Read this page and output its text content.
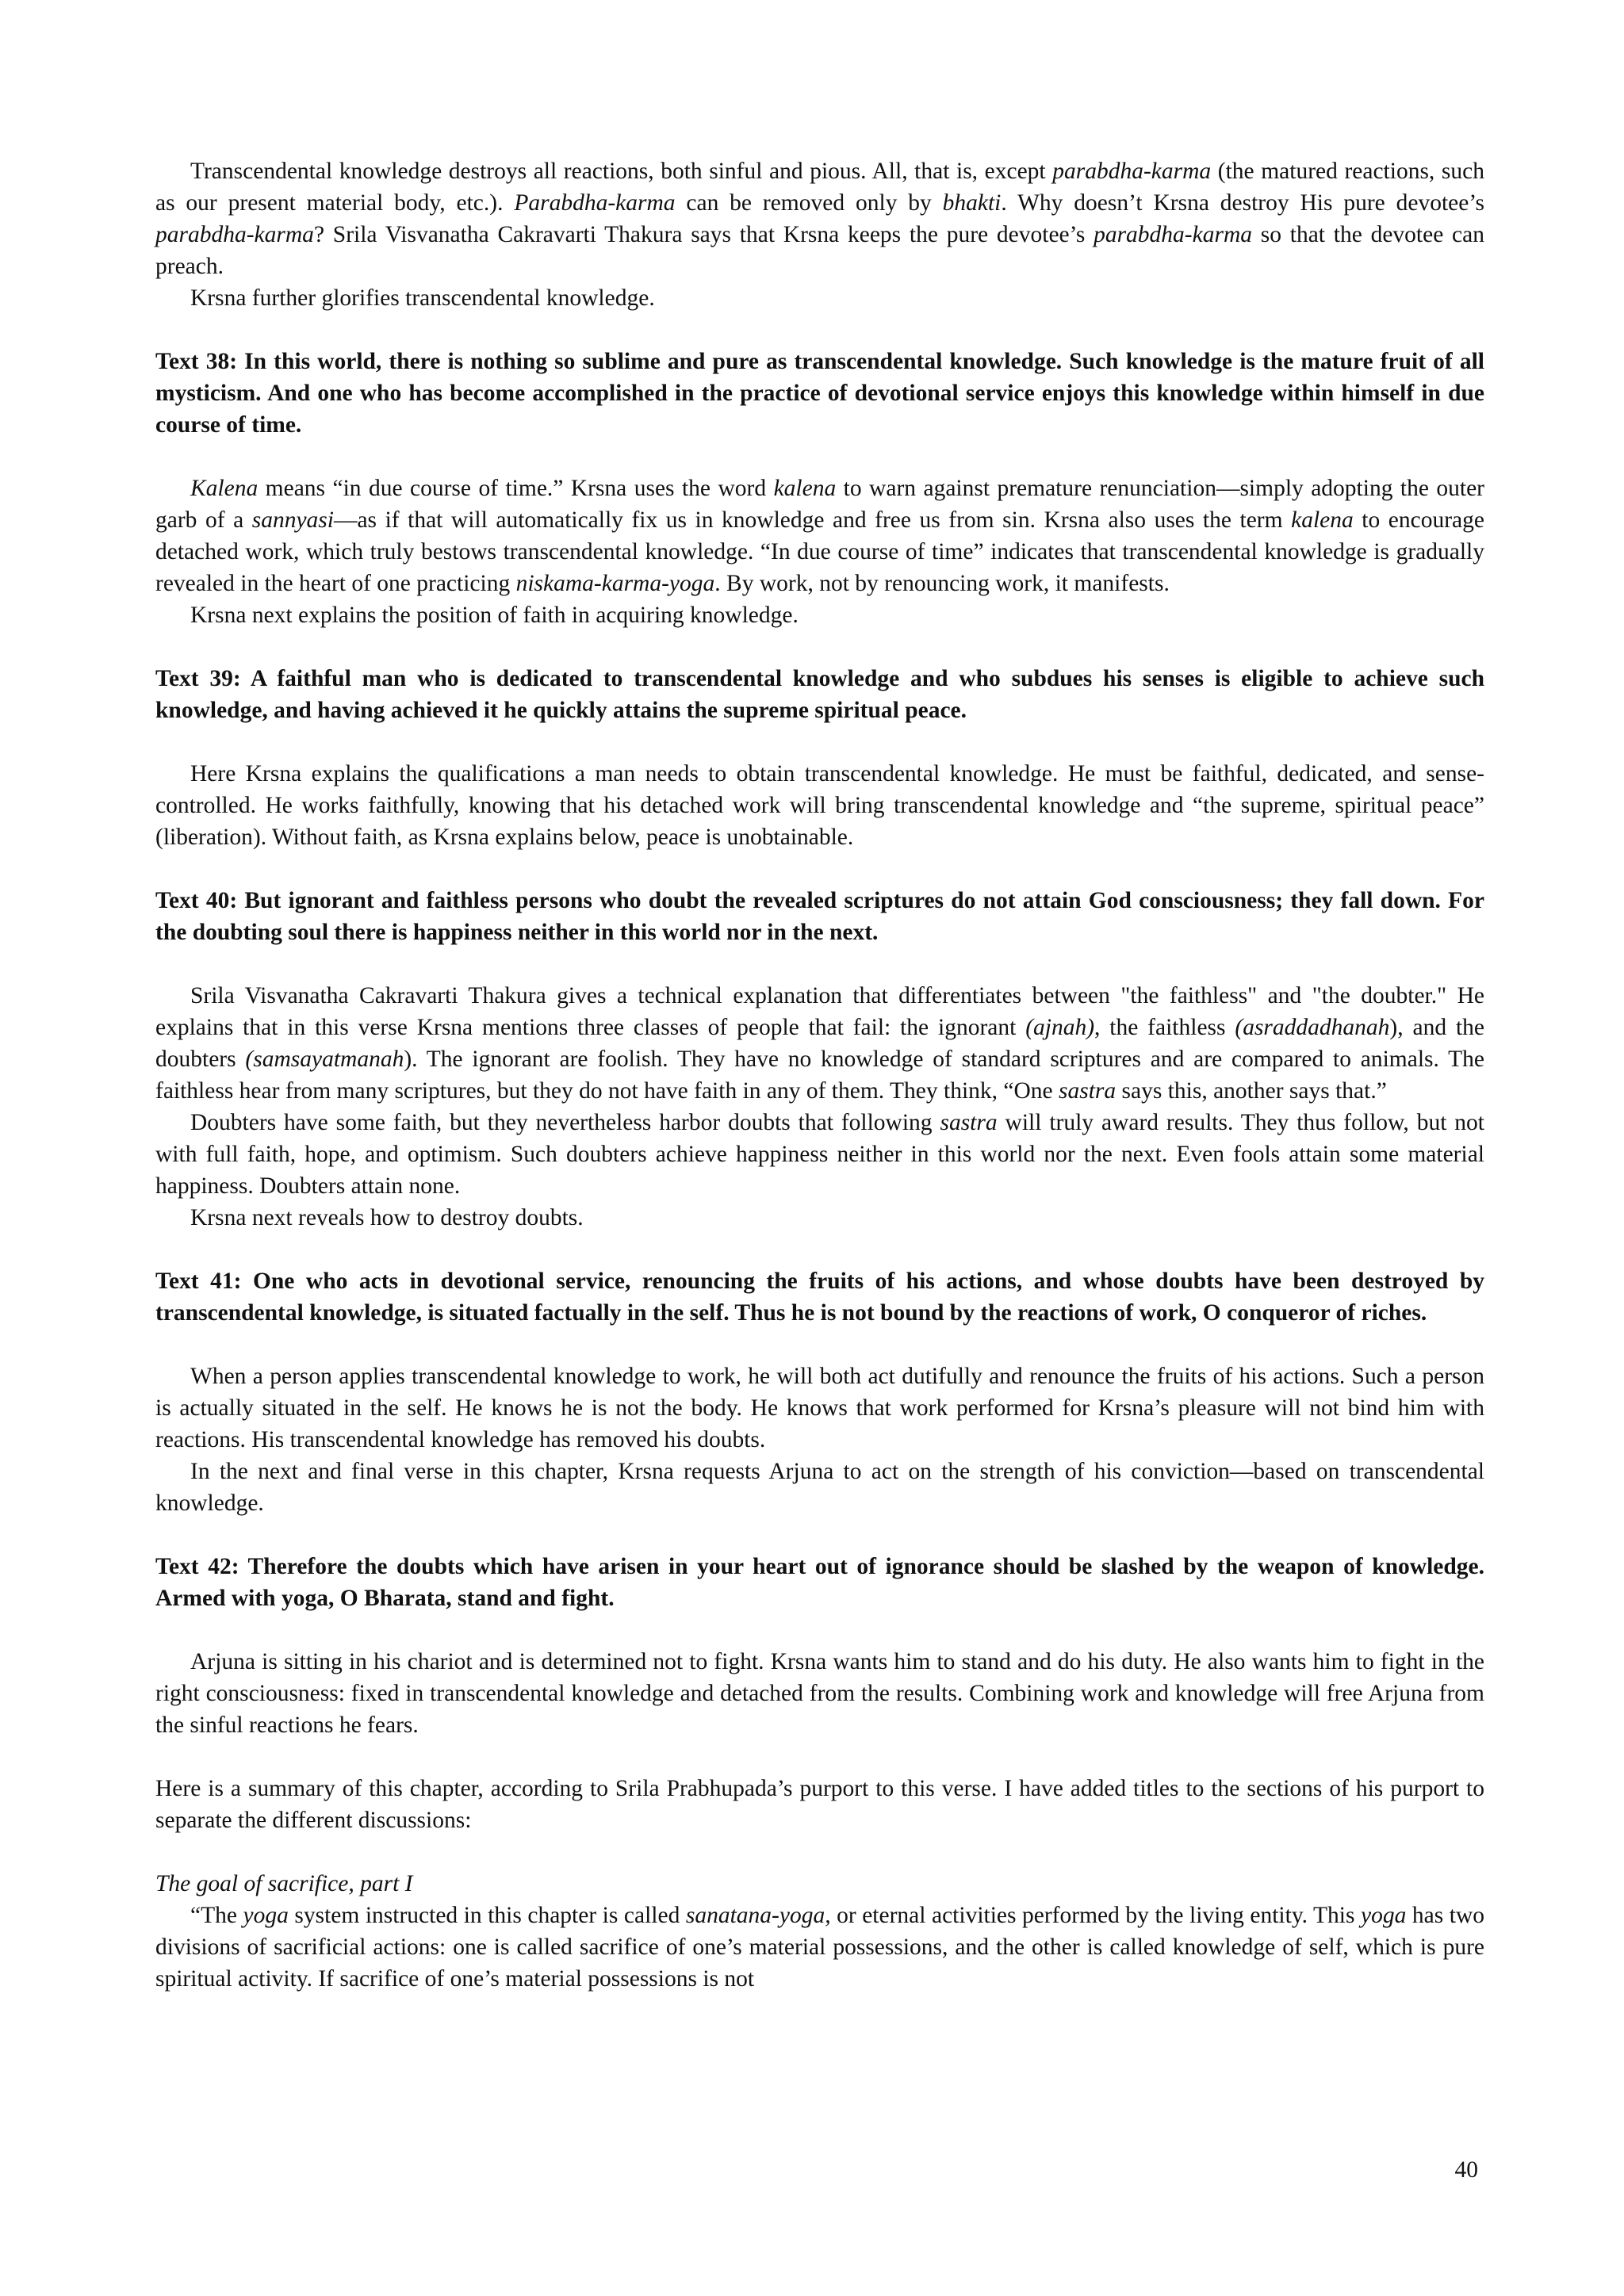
Transcendental knowledge destroys all reactions, both sinful and pious. All, that is, except parabdha-karma (the matured reactions, such as our present material body, etc.). Parabdha-karma can be removed only by bhakti. Why doesn’t Krsna destroy His pure devotee’s parabdha-karma? Srila Visvanatha Cakravarti Thakura says that Krsna keeps the pure devotee’s parabdha-karma so that the devotee can preach.

Krsna further glorifies transcendental knowledge.

Text 38: In this world, there is nothing so sublime and pure as transcendental knowledge. Such knowledge is the mature fruit of all mysticism. And one who has become accomplished in the practice of devotional service enjoys this knowledge within himself in due course of time.

Kalena means “in due course of time.” Krsna uses the word kalena to warn against premature renunciation—simply adopting the outer garb of a sannyasi—as if that will automatically fix us in knowledge and free us from sin. Krsna also uses the term kalena to encourage detached work, which truly bestows transcendental knowledge. “In due course of time” indicates that transcendental knowledge is gradually revealed in the heart of one practicing niskama-karma-yoga. By work, not by renouncing work, it manifests.

Krsna next explains the position of faith in acquiring knowledge.

Text 39: A faithful man who is dedicated to transcendental knowledge and who subdues his senses is eligible to achieve such knowledge, and having achieved it he quickly attains the supreme spiritual peace.

Here Krsna explains the qualifications a man needs to obtain transcendental knowledge. He must be faithful, dedicated, and sense-controlled. He works faithfully, knowing that his detached work will bring transcendental knowledge and “the supreme, spiritual peace” (liberation). Without faith, as Krsna explains below, peace is unobtainable.

Text 40: But ignorant and faithless persons who doubt the revealed scriptures do not attain God consciousness; they fall down. For the doubting soul there is happiness neither in this world nor in the next.

Srila Visvanatha Cakravarti Thakura gives a technical explanation that differentiates between "the faithless" and "the doubter." He explains that in this verse Krsna mentions three classes of people that fail: the ignorant (ajnah), the faithless (asraddadhanah), and the doubters (samsayatmanah). The ignorant are foolish. They have no knowledge of standard scriptures and are compared to animals. The faithless hear from many scriptures, but they do not have faith in any of them. They think, “One sastra says this, another says that.”

Doubters have some faith, but they nevertheless harbor doubts that following sastra will truly award results. They thus follow, but not with full faith, hope, and optimism. Such doubters achieve happiness neither in this world nor the next. Even fools attain some material happiness. Doubters attain none.

Krsna next reveals how to destroy doubts.

Text 41: One who acts in devotional service, renouncing the fruits of his actions, and whose doubts have been destroyed by transcendental knowledge, is situated factually in the self. Thus he is not bound by the reactions of work, O conqueror of riches.

When a person applies transcendental knowledge to work, he will both act dutifully and renounce the fruits of his actions. Such a person is actually situated in the self. He knows he is not the body. He knows that work performed for Krsna’s pleasure will not bind him with reactions. His transcendental knowledge has removed his doubts.

In the next and final verse in this chapter, Krsna requests Arjuna to act on the strength of his conviction—based on transcendental knowledge.

Text 42: Therefore the doubts which have arisen in your heart out of ignorance should be slashed by the weapon of knowledge. Armed with yoga, O Bharata, stand and fight.

Arjuna is sitting in his chariot and is determined not to fight. Krsna wants him to stand and do his duty. He also wants him to fight in the right consciousness: fixed in transcendental knowledge and detached from the results. Combining work and knowledge will free Arjuna from the sinful reactions he fears.

Here is a summary of this chapter, according to Srila Prabhupada’s purport to this verse. I have added titles to the sections of his purport to separate the different discussions:

The goal of sacrifice, part I

“The yoga system instructed in this chapter is called sanatana-yoga, or eternal activities performed by the living entity. This yoga has two divisions of sacrificial actions: one is called sacrifice of one’s material possessions, and the other is called knowledge of self, which is pure spiritual activity. If sacrifice of one’s material possessions is not

40
